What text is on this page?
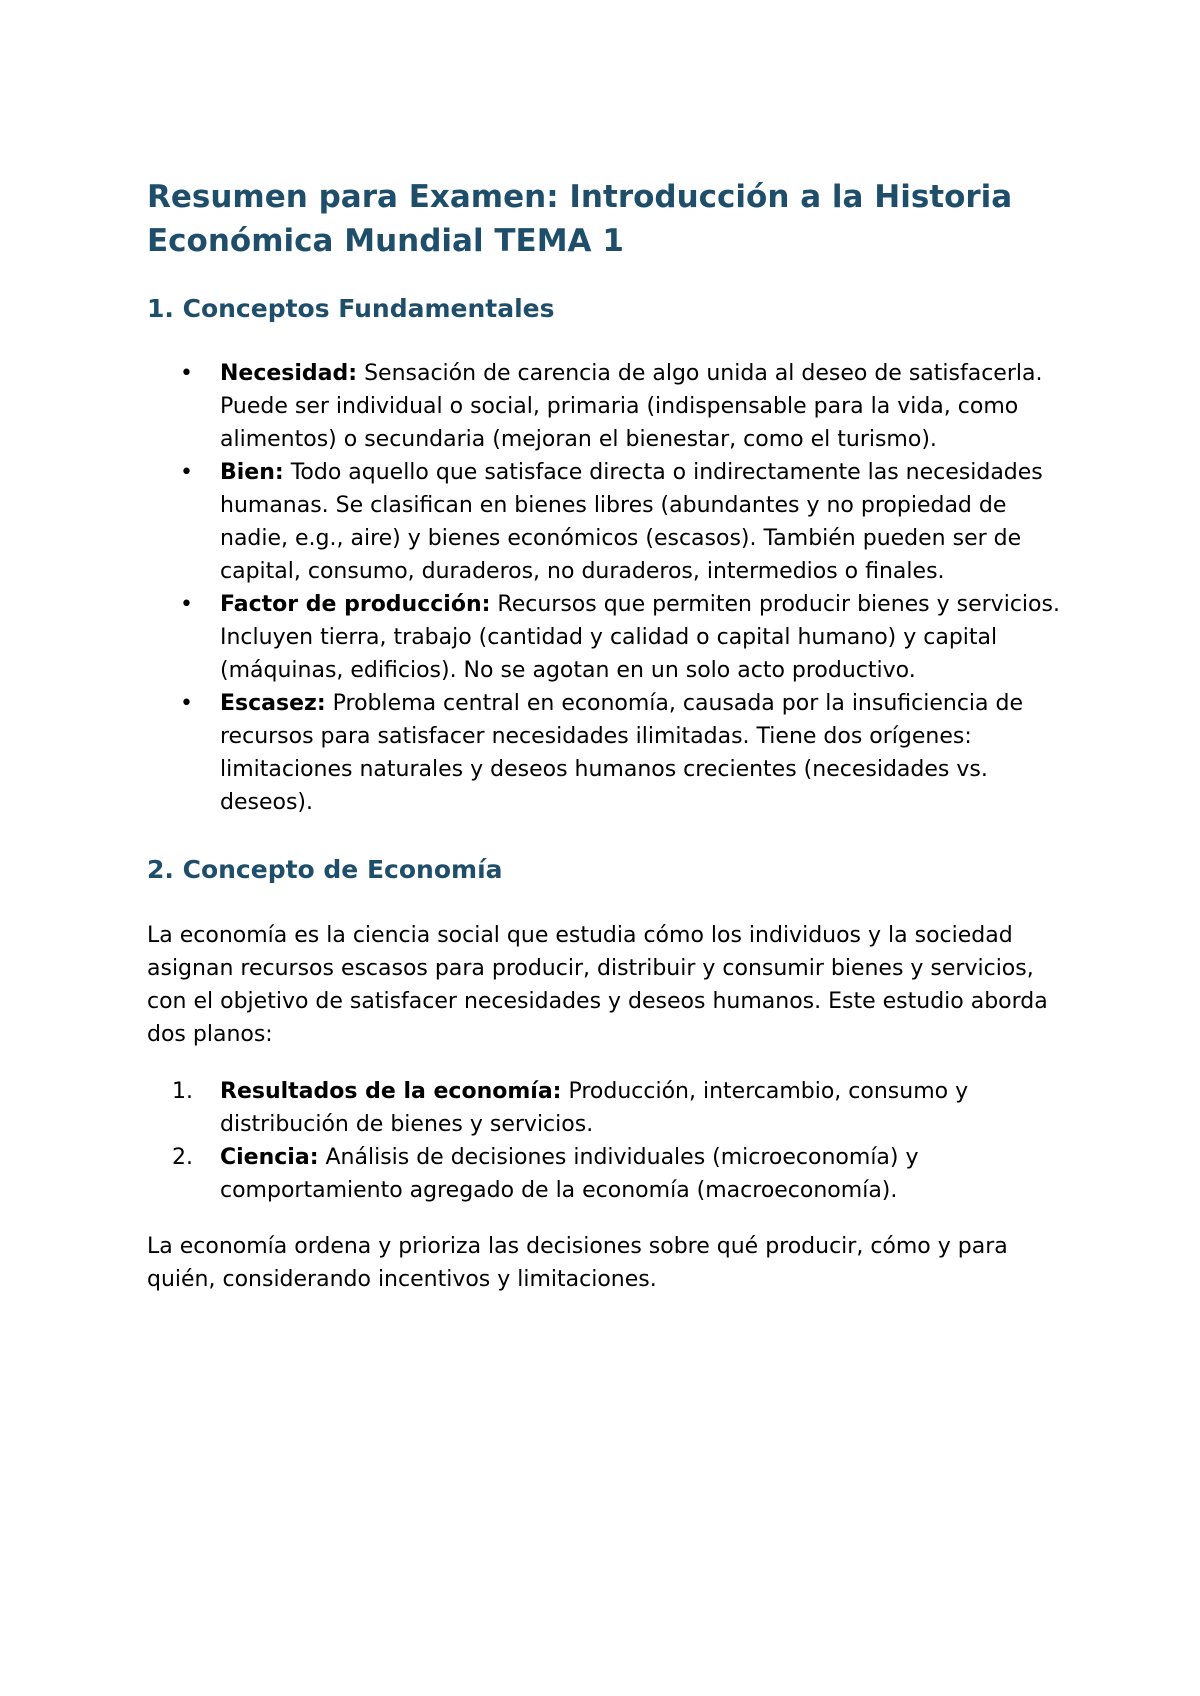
Resumen para Examen: Introducción a la Historia Económica Mundial TEMA 1
1. Conceptos Fundamentales
•	Necesidad: Sensación de carencia de algo unida al deseo de satisfacerla. Puede ser individual o social, primaria (indispensable para la vida, como alimentos) o secundaria (mejoran el bienestar, como el turismo).
•	Bien: Todo aquello que satisface directa o indirectamente las necesidades humanas. Se clasifican en bienes libres (abundantes y no propiedad de nadie, e.g., aire) y bienes económicos (escasos). También pueden ser de capital, consumo, duraderos, no duraderos, intermedios o finales.
•	Factor de producción: Recursos que permiten producir bienes y servicios. Incluyen tierra, trabajo (cantidad y calidad o capital humano) y capital (máquinas, edificios). No se agotan en un solo acto productivo.
•	Escasez: Problema central en economía, causada por la insuficiencia de recursos para satisfacer necesidades ilimitadas. Tiene dos orígenes: limitaciones naturales y deseos humanos crecientes (necesidades vs. deseos).
2. Concepto de Economía

La economía es la ciencia social que estudia cómo los individuos y la sociedad asignan recursos escasos para producir, distribuir y consumir bienes y servicios, con el objetivo de satisfacer necesidades y deseos humanos. Este estudio aborda dos planos:

1.	Resultados de la economía: Producción, intercambio, consumo y distribución de bienes y servicios.
2.	Ciencia: Análisis de decisiones individuales (microeconomía) y comportamiento agregado de la economía (macroeconomía).

La economía ordena y prioriza las decisiones sobre qué producir, cómo y para quién, considerando incentivos y limitaciones.
